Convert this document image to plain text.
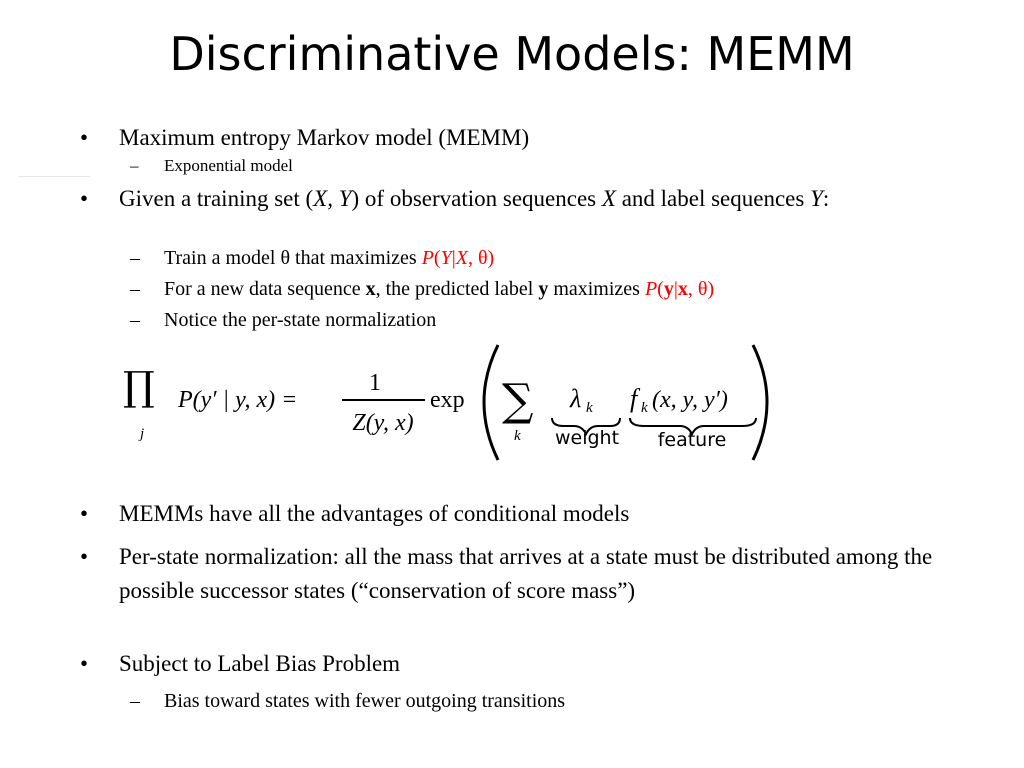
Discriminative Models: MEMM
• Maximum entropy Markov model (MEMM)
– Exponential model
• Given a training set (X, Y) of observation sequences X and label sequences Y:
– Train a model θ that maximizes P(Y|X, θ)
– For a new data sequence x, the predicted label y maximizes P(y|x, θ)
– Notice the per-state normalization
∏
j
P(y′ | y, x) =
1
Z(y, x)
exp ∑
k
λ k
weight
f k (x, y, y′)
feature
• MEMMs have all the advantages of conditional models
• Per-state normalization: all the mass that arrives at a state must be distributed among the possible successor states (“conservation of score mass”)
• Subject to Label Bias Problem
– Bias toward states with fewer outgoing transitions
